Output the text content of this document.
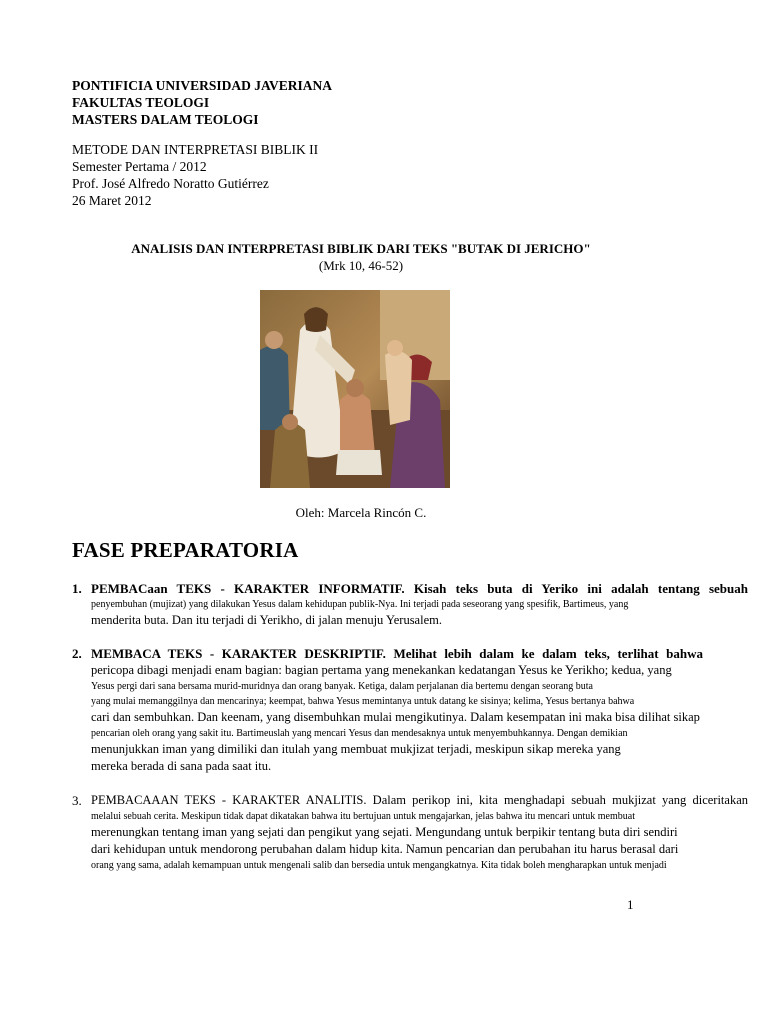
PONTIFICIA UNIVERSIDAD JAVERIANA
FAKULTAS TEOLOGI
MASTERS DALAM TEOLOGI
METODE DAN INTERPRETASI BIBLIK II
Semester Pertama / 2012
Prof. José Alfredo Noratto Gutiérrez
26 Maret 2012
ANALISIS DAN INTERPRETASI BIBLIK DARI TEKS "BUTAK DI JERICHO"
(Mrk 10, 46-52)
Oleh: Marcela Rincón C.
FASE PREPARATORIA
1. PEMBACaan TEKS - KARAKTER INFORMATIF. Kisah teks buta di Yeriko ini adalah tentang sebuah
penyembuhan (mujizat) yang dilakukan Yesus dalam kehidupan publik-Nya. Ini terjadi pada seseorang yang spesifik, Bartimeus, yang
menderita buta. Dan itu terjadi di Yerikho, di jalan menuju Yerusalem.
2. MEMBACA TEKS - KARAKTER DESKRIPTIF. Melihat lebih dalam ke dalam teks, terlihat bahwa
pericopa dibagi menjadi enam bagian: bagian pertama yang menekankan kedatangan Yesus ke Yerikho; kedua, yang
Yesus pergi dari sana bersama murid-muridnya dan orang banyak. Ketiga, dalam perjalanan dia bertemu dengan seorang buta
yang mulai memanggilnya dan mencarinya; keempat, bahwa Yesus memintanya untuk datang ke sisinya; kelima, Yesus bertanya bahwa
cari dan sembuhkan. Dan keenam, yang disembuhkan mulai mengikutinya. Dalam kesempatan ini maka bisa dilihat sikap
pencarian oleh orang yang sakit itu. Bartimeuslah yang mencari Yesus dan mendesaknya untuk menyembuhkannya. Dengan demikian
menunjukkan iman yang dimiliki dan itulah yang membuat mukjizat terjadi, meskipun sikap mereka yang
mereka berada di sana pada saat itu.
3. PEMBACAAAN TEKS - KARAKTER ANALITIS. Dalam perikop ini, kita menghadapi sebuah mukjizat yang diceritakan
melalui sebuah cerita. Meskipun tidak dapat dikatakan bahwa itu bertujuan untuk mengajarkan, jelas bahwa itu mencari untuk membuat
merenungkan tentang iman yang sejati dan pengikut yang sejati. Mengundang untuk berpikir tentang buta diri sendiri
dari kehidupan untuk mendorong perubahan dalam hidup kita. Namun pencarian dan perubahan itu harus berasal dari
orang yang sama, adalah kemampuan untuk mengenali salib dan bersedia untuk mengangkatnya. Kita tidak boleh mengharapkan untuk menjadi
1
